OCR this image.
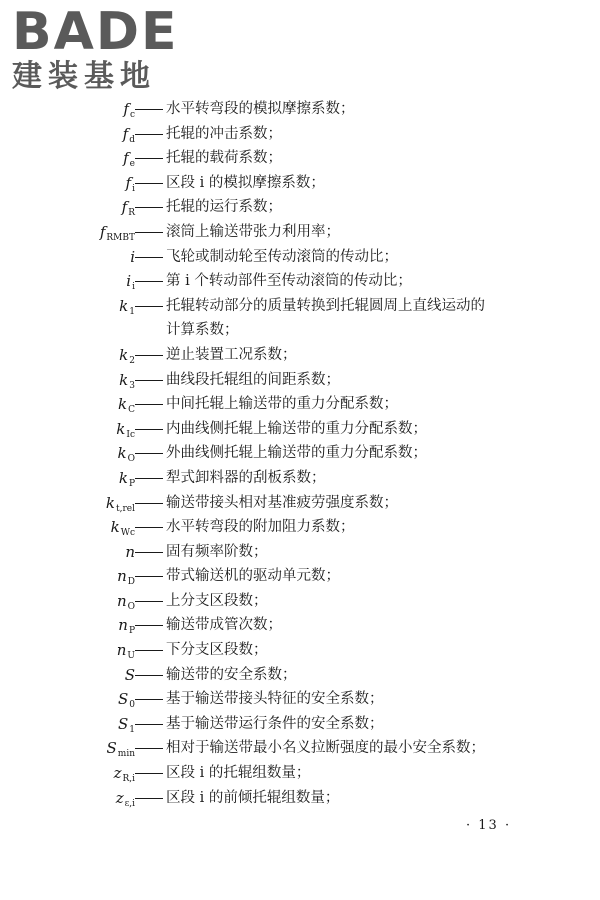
BADE
建装基地
$f_c$ 水平转弯段的模拟摩擦系数；
$f_d$ 托辊的冲击系数；
$f_e$ 托辊的载荷系数；
$f_i$ 区段 i 的模拟摩擦系数；
$f_R$ 托辊的运行系数；
$f_{RMBT}$ 滚筒上输送带张力利用率；
i 飞轮或制动轮至传动滚筒的传动比；
$i_i$ 第 i 个转动部件至传动滚筒的传动比；
$k_1$ 托辊转动部分的质量转换到托辊圆周上直线运动的
计算系数；
$k_2$ 逆止装置工况系数；
$k_3$ 曲线段托辊组的间距系数；
$k_C$ 中间托辊上输送带的重力分配系数；
$k_{Ic}$ 内曲线侧托辊上输送带的重力分配系数；
$k_O$ 外曲线侧托辊上输送带的重力分配系数；
$k_P$ 犁式卸料器的刮板系数；
$k_{t,rel}$ 输送带接头相对基准疲劳强度系数；
$k_{Wc}$ 水平转弯段的附加阻力系数；
n 固有频率阶数；
$n_D$ 带式输送机的驱动单元数；
$n_O$ 上分支区段数；
$n_P$ 输送带成管次数；
$n_U$ 下分支区段数；
S 输送带的安全系数；
$S_0$ 基于输送带接头特征的安全系数；
$S_1$ 基于输送带运行条件的安全系数；
$S_{min}$ 相对于输送带最小名义拉断强度的最小安全系数；
$z_{R,i}$ 区段 i 的托辊组数量；
$z_{\varepsilon,i}$ 区段 i 的前倾托辊组数量；
· 13 ·
